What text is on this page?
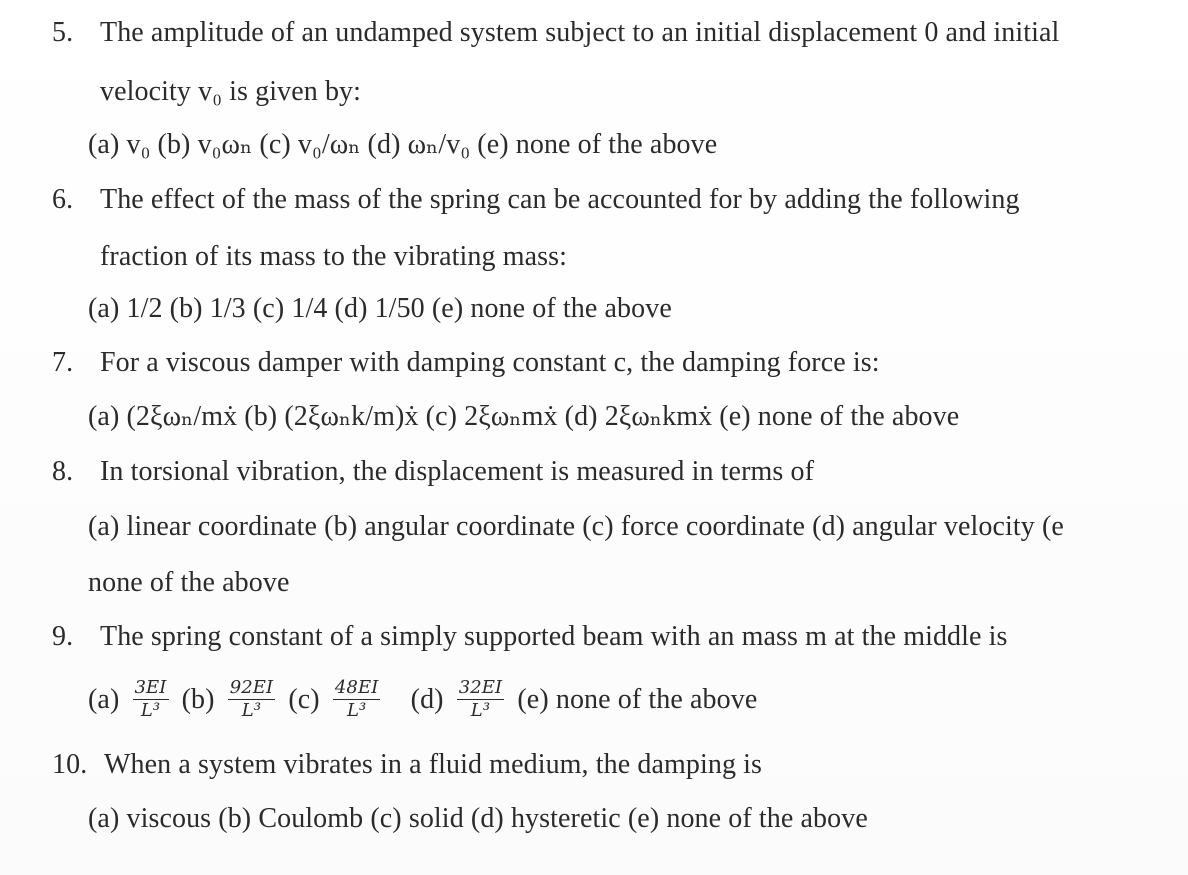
5. The amplitude of an undamped system subject to an initial displacement 0 and initial
velocity v₀ is given by:
(a) v₀ (b) v₀ωₙ (c) v₀/ωₙ (d) ωₙ/v₀ (e) none of the above
6. The effect of the mass of the spring can be accounted for by adding the following
fraction of its mass to the vibrating mass:
(a) 1/2 (b) 1/3 (c) 1/4 (d) 1/50 (e) none of the above
7. For a viscous damper with damping constant c, the damping force is:
(a) (2ξωₙ/mẋ (b) (2ξωₙk/m)ẋ (c) 2ξωₙmẋ (d) 2ξωₙkmẋ (e) none of the above
8. In torsional vibration, the displacement is measured in terms of
(a) linear coordinate (b) angular coordinate (c) force coordinate (d) angular velocity (e
none of the above
9. The spring constant of a simply supported beam with an mass m at the middle is
$(a) \frac{3EI}{\text{L³}} (b) \frac{92EI}{\text{L³}} (c) \frac{48EI}{\text{L³}} (d) \frac{32EI}{\text{L³}} (e)$ none of the above
10. When a system vibrates in a fluid medium, the damping is
(a) viscous (b) Coulomb (c) solid (d) hysteretic (e) none of the above
